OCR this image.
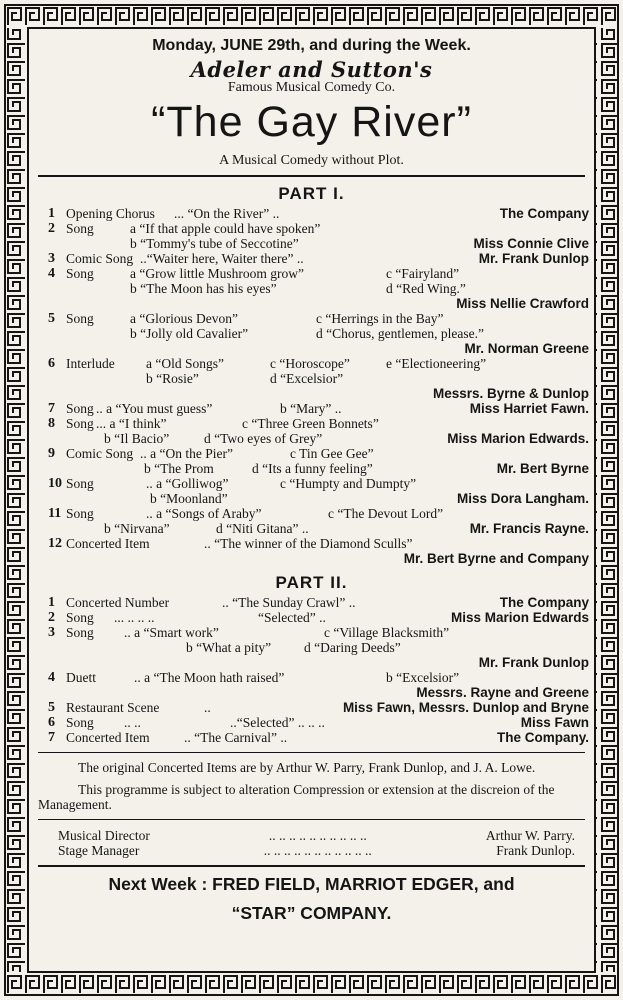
Monday, JUNE 29th, and during the Week.
Adeler and Sutton's
Famous Musical Comedy Co.
“The Gay River”
A Musical Comedy without Plot.
PART I.
1 Opening Chorus ... “On the River” ..	The Company
2 Song	a “If that apple could have spoken”
b “Tommy's tube of Seccotine”	Miss Connie Clive
3 Comic Song ..“Waiter here, Waiter there” ..	Mr. Frank Dunlop
4 Song	a “Grow little Mushroom grow”	c “Fairyland”
b “The Moon has his eyes”	d “Red Wing.”
Miss Nellie Crawford
5 Song	a “Glorious Devon”	c “Herrings in the Bay”
b “Jolly old Cavalier”	d “Chorus, gentlemen, please.”
Mr. Norman Greene
6 Interlude a “Old Songs”	c “Horoscope”	e “Electioneering”
b “Rosie”	d “Excelsior”
Messrs. Byrne & Dunlop
7 Song .. a “You must guess”	b “Mary” ..	Miss Harriet Fawn.
8 Song ... a “I think”	c “Three Green Bonnets”
b “Il Bacio”	d “Two eyes of Grey”	Miss Marion Edwards.
9 Comic Song .. a “On the Pier”	c Tin Gee Gee”
b “The Prom	d “Its a funny feeling”	Mr. Bert Byrne
10 Song	.. a “Golliwog”	c “Humpty and Dumpty”
b “Moonland”	Miss Dora Langham.
11 Song	.. a “Songs of Araby”	c “The Devout Lord”
b “Nirvana”	d “Niti Gitana” ..	Mr. Francis Rayne.
12 Concerted Item	.. “The winner of the Diamond Sculls”
Mr. Bert Byrne and Company
PART II.
1 Concerted Number	.. “The Sunday Crawl” ..	The Company
2 Song ... .. .. ..	“Selected” ..	Miss Marion Edwards
3 Song .. a “Smart work”	c “Village Blacksmith”
b “What a pity” d “Daring Deeds”
Mr. Frank Dunlop
4 Duett	.. a “The Moon hath raised”	b “Excelsior”
Messrs. Rayne and Greene
5 Restaurant Scene	..	Miss Fawn, Messrs. Dunlop and Bryne
6 Song .. ..	..“Selected” .. .. ..	Miss Fawn
7 Concerted Item	.. “The Carnival” ..	The Company.
The original Concerted Items are by Arthur W. Parry, Frank Dunlop, and J. A. Lowe.
This programme is subject to alteration Compression or extension at the discreion of the Management.
Musical Director	.. .. .. .. .. .. .. .. .. ..	Arthur W. Parry.
Stage Manager	.. .. .. .. .. .. .. .. .. .. ..	Frank Dunlop.
Next Week : FRED FIELD, MARRIOT EDGER, and
“STAR” COMPANY.
